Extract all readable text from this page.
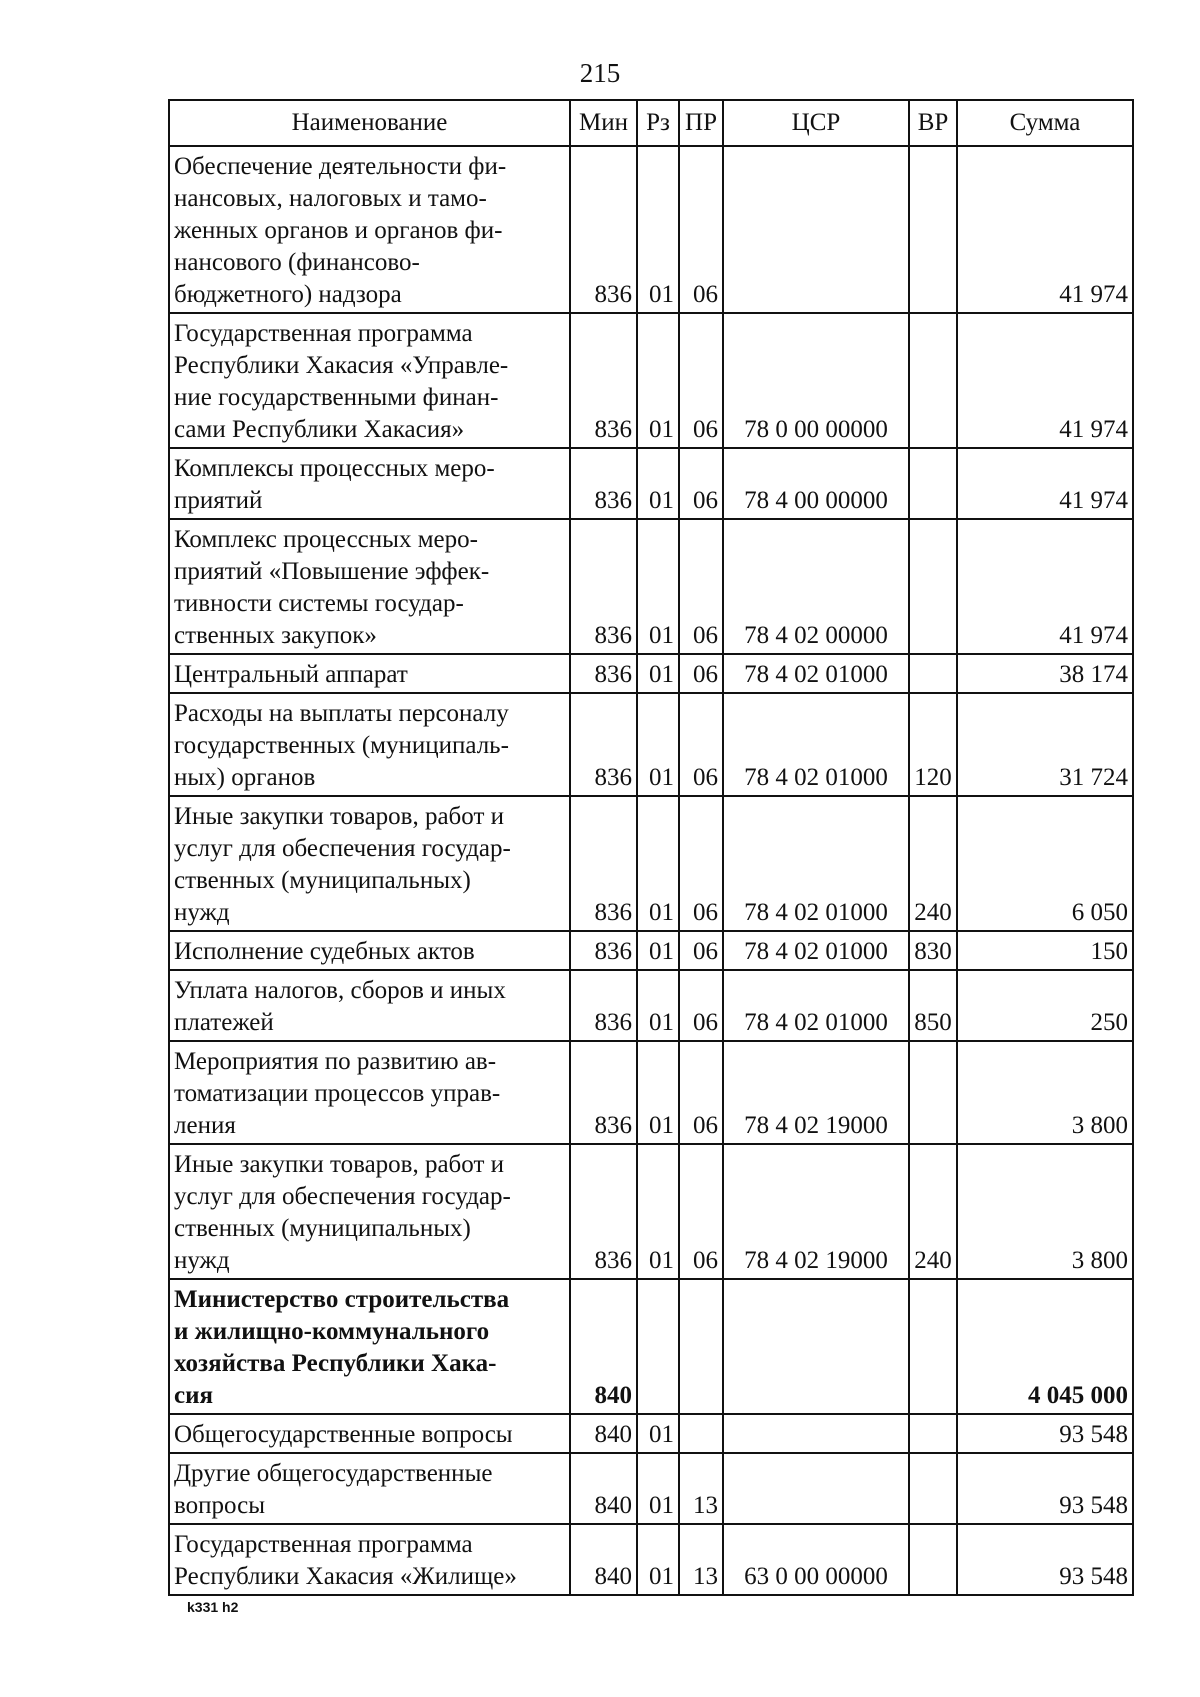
215
Наименование	Мин	Рз	ПР	ЦСР	ВР	Сумма
Обеспечение деятельности фи-
нансовых, налоговых и тамо-
женных органов и органов фи-
нансового (финансово-
бюджетного) надзора	836	01	06			41 974
Государственная программа
Республики Хакасия «Управле-
ние государственными финан-
сами Республики Хакасия»	836	01	06	78 0 00 00000		41 974
Комплексы процессных меро-
приятий	836	01	06	78 4 00 00000		41 974
Комплекс процессных меро-
приятий «Повышение эффек-
тивности системы государ-
ственных закупок»	836	01	06	78 4 02 00000		41 974
Центральный аппарат	836	01	06	78 4 02 01000		38 174
Расходы на выплаты персоналу
государственных (муниципаль-
ных) органов	836	01	06	78 4 02 01000	120	31 724
Иные закупки товаров, работ и
услуг для обеспечения государ-
ственных (муниципальных)
нужд	836	01	06	78 4 02 01000	240	6 050
Исполнение судебных актов	836	01	06	78 4 02 01000	830	150
Уплата налогов, сборов и иных
платежей	836	01	06	78 4 02 01000	850	250
Мероприятия по развитию ав-
томатизации процессов управ-
ления	836	01	06	78 4 02 19000		3 800
Иные закупки товаров, работ и
услуг для обеспечения государ-
ственных (муниципальных)
нужд	836	01	06	78 4 02 19000	240	3 800
Министерство строительства
и жилищно-коммунального
хозяйства Республики Хака-
сия	840					4 045 000
Общегосударственные вопросы	840	01				93 548
Другие общегосударственные
вопросы	840	01	13			93 548
Государственная программа
Республики Хакасия «Жилище»	840	01	13	63 0 00 00000		93 548
k331 h2
